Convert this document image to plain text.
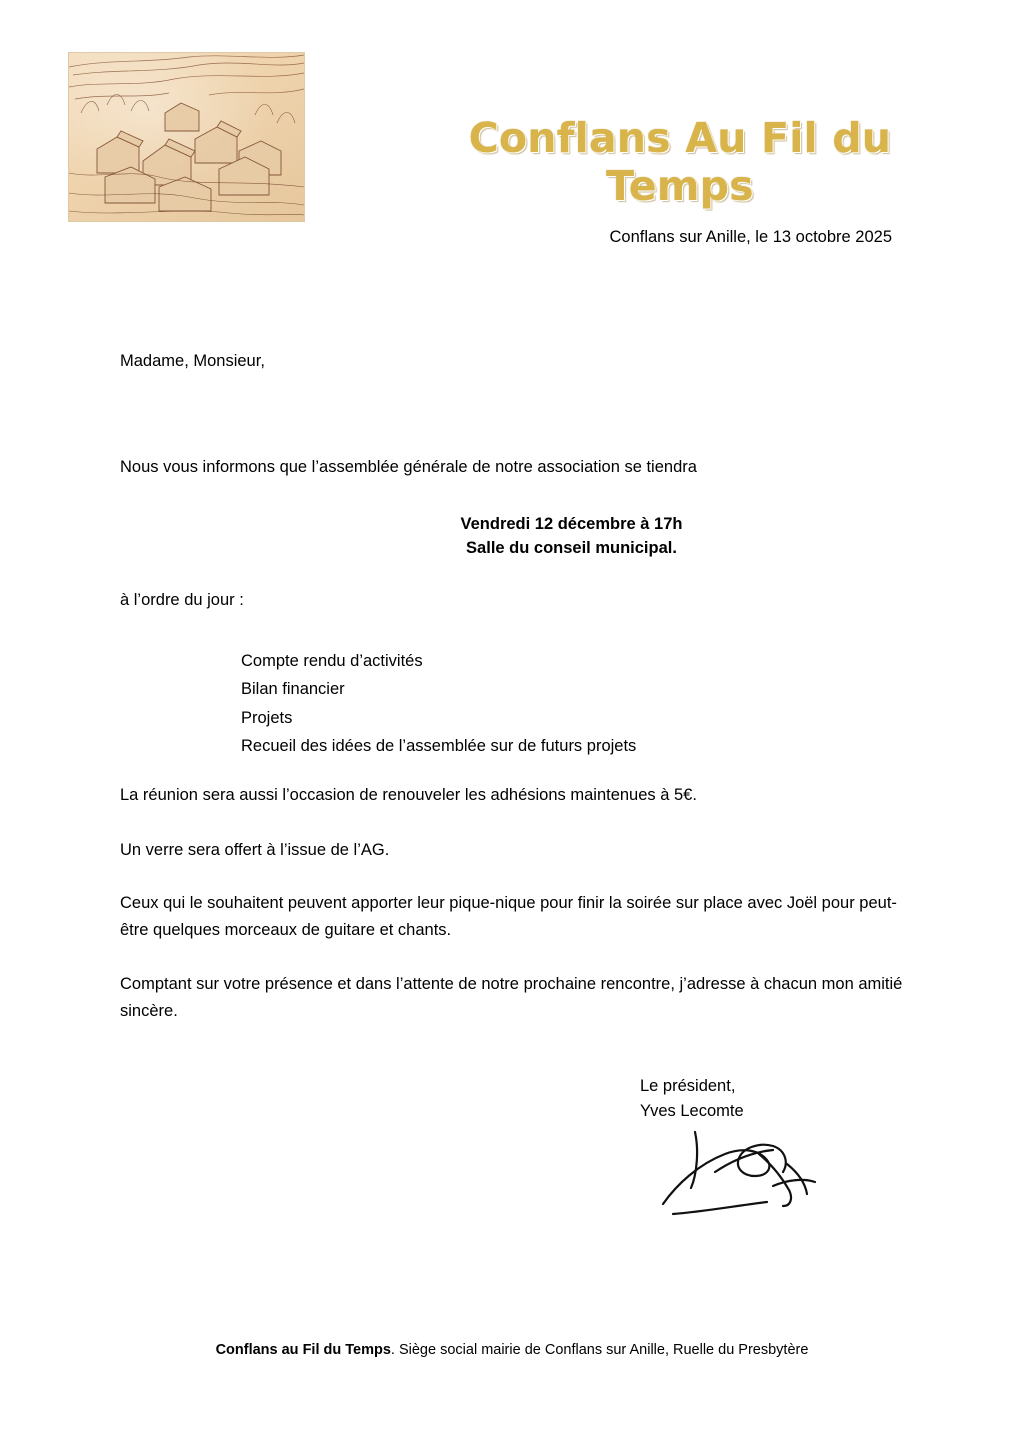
Conflans Au Fil du Temps
Conflans sur Anille, le 13 octobre 2025
Madame, Monsieur,
Nous vous informons que l’assemblée générale de notre association se tiendra
Vendredi 12 décembre à 17h
Salle du conseil municipal.
à l’ordre du jour :
Compte rendu d’activités
Bilan financier
Projets
Recueil des idées de l’assemblée sur de futurs projets
La réunion sera aussi l’occasion de renouveler les adhésions maintenues à 5€.
Un verre sera offert à l’issue de l’AG.
Ceux qui le souhaitent peuvent apporter leur pique-nique pour finir la soirée sur place avec Joël pour peut-être quelques morceaux de guitare et chants.
Comptant sur votre présence et dans l’attente de notre prochaine rencontre, j’adresse à chacun mon amitié sincère.
Le président,
Yves Lecomte
Conflans au Fil du Temps. Siège social mairie de Conflans sur Anille, Ruelle du Presbytère
